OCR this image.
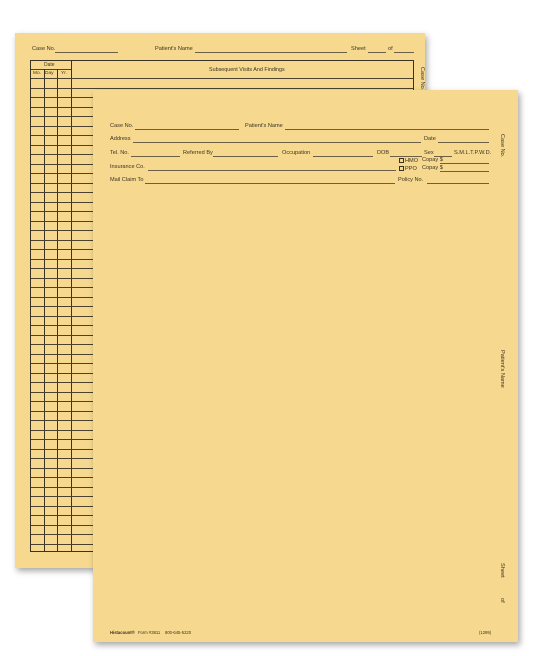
Case No.	Patient's Name	Sheet	of
Case No.
Date
Mo. Day Yr.
Subsequent Visits And Findings
Case No.	Patient's Name
Address	Date
Tel. No.	Referred By	Occupation	DOB	Sex	S.M.L.T.P.W.D.
Insurance Co.
HMO Copay $
PPO Copay $
Mail Claim To	Policy No.
Case No.
Patient's Name
Sheet
of
Histacount® Form #3811 800-645-5220	(1299)
